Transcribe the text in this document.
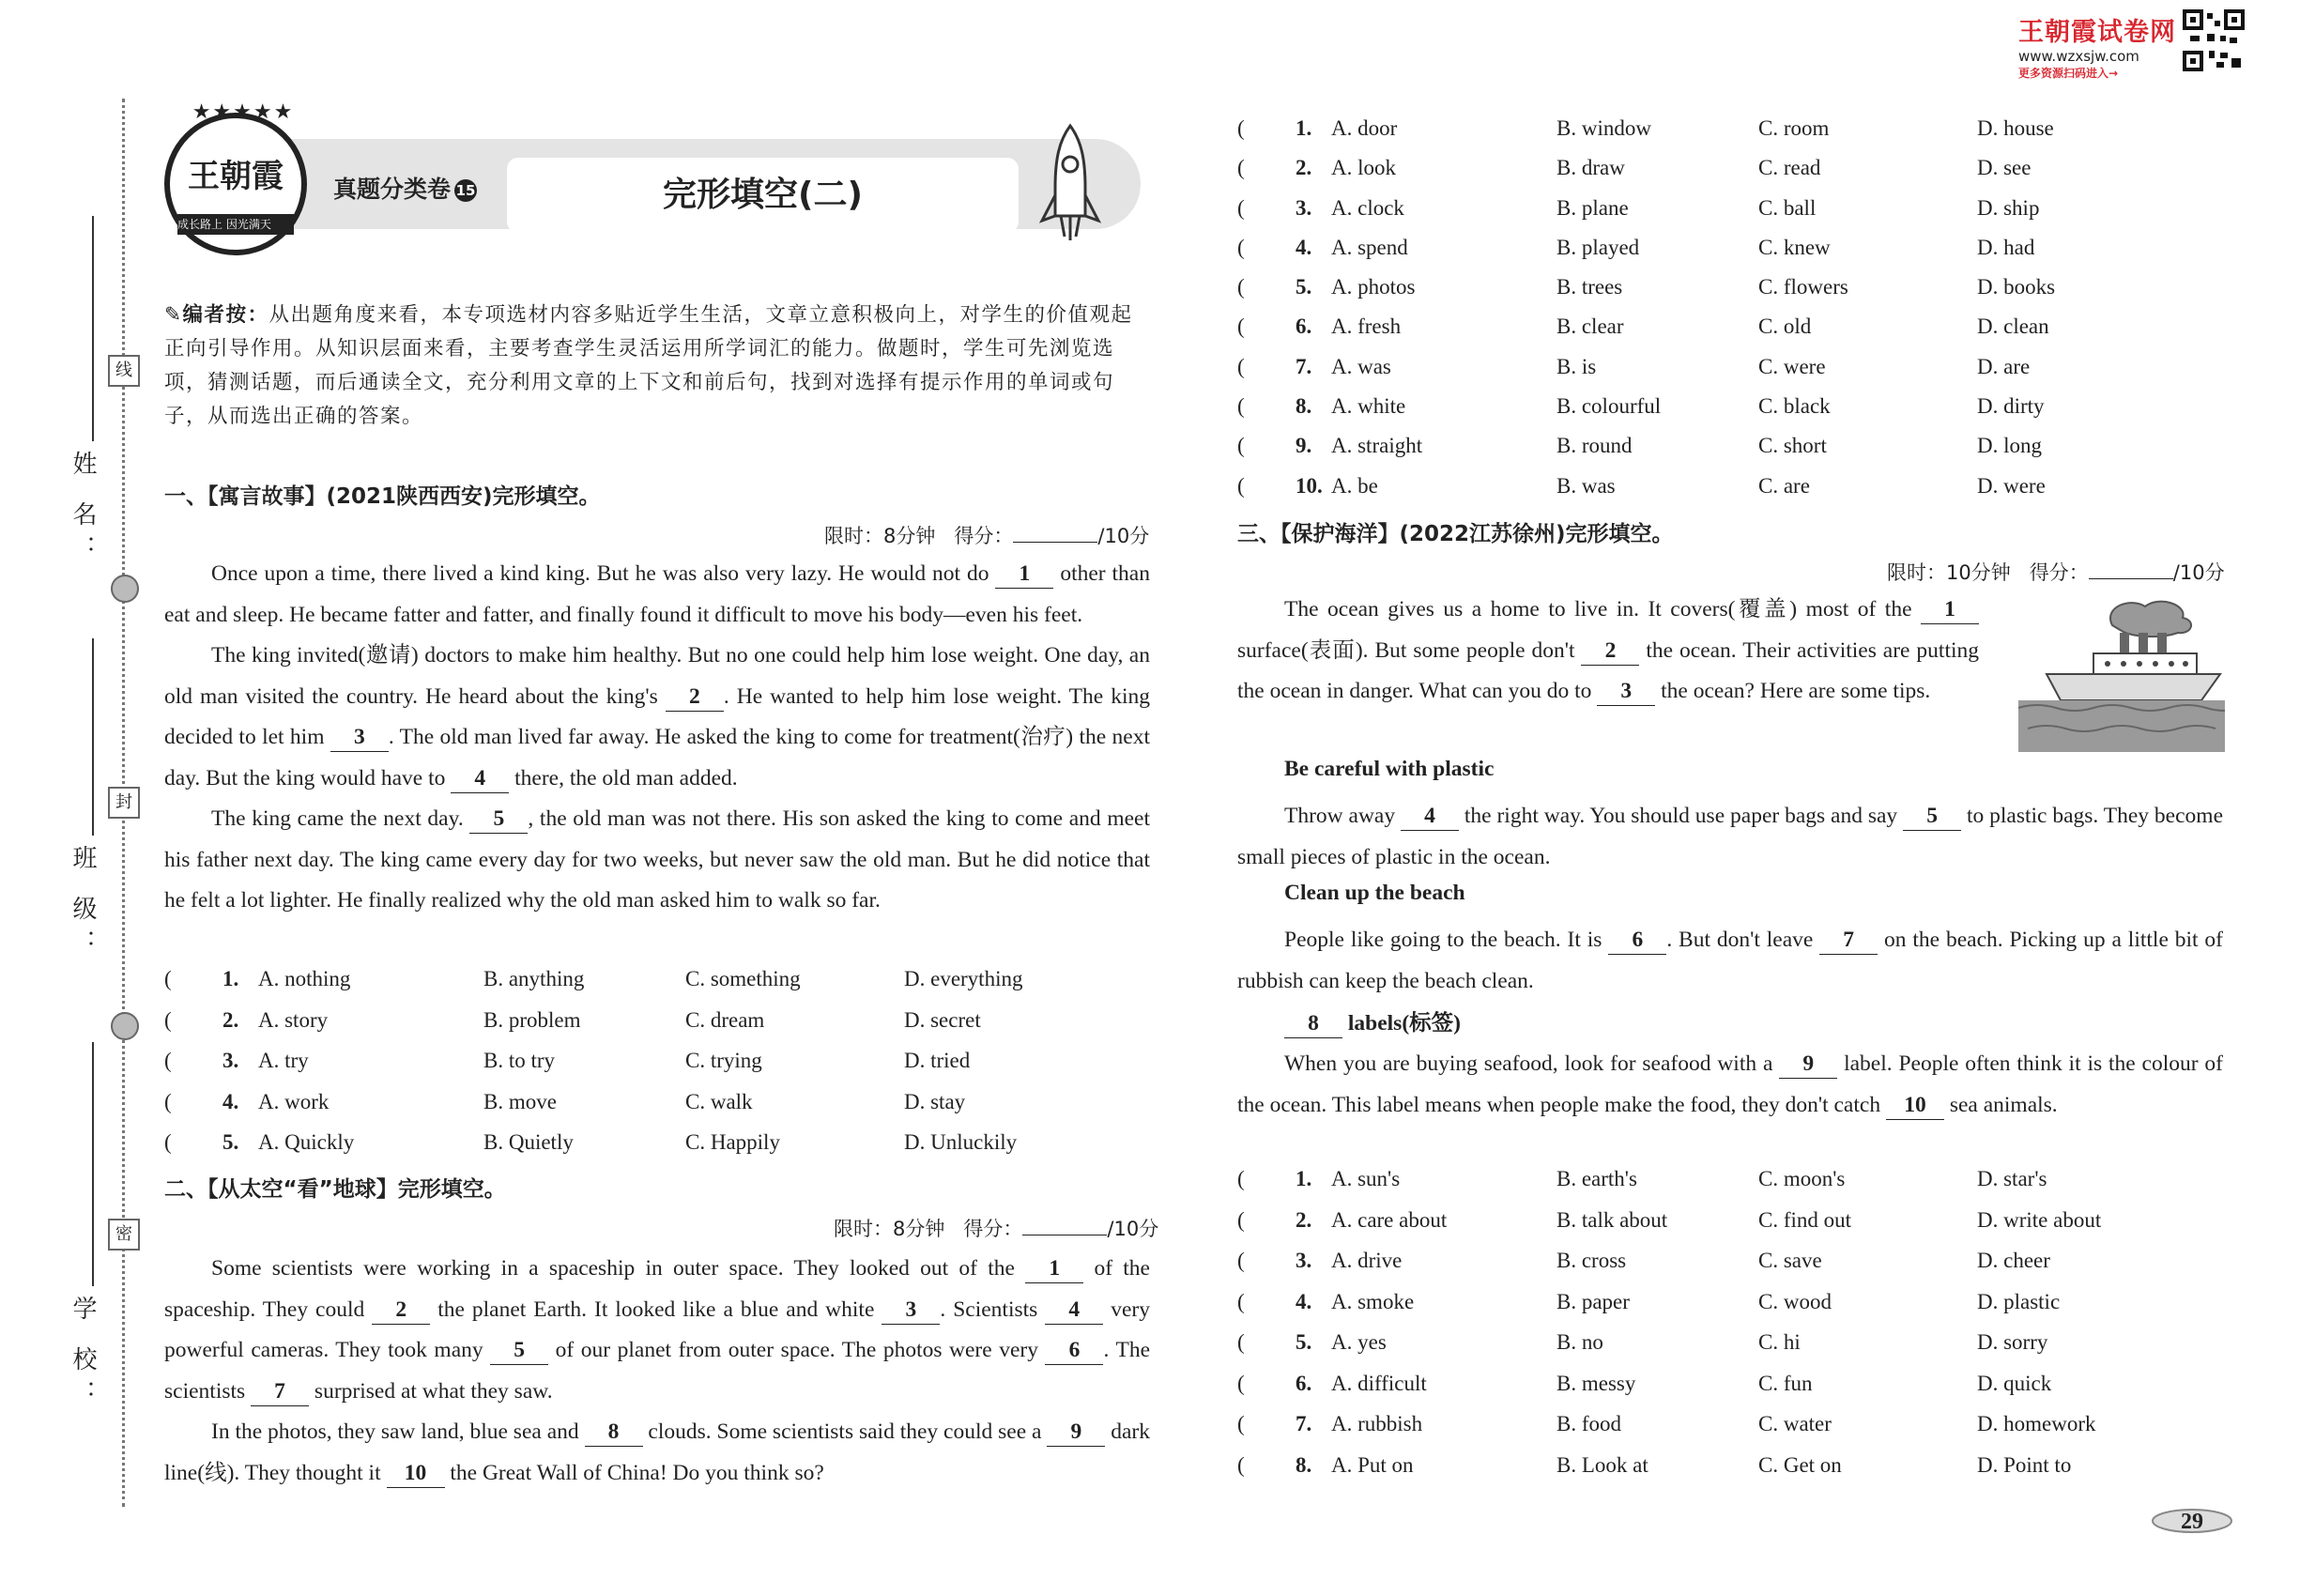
姓 名：
班 级：
学 校：
线
封
密
王朝霞试卷网
www.wzxsjw.com
更多资源扫码进入→
★★★★★
王朝霞
成长路上 因光满天
真题分类卷 15	完形填空(二)
✎编者按：从出题角度来看，本专项选材内容多贴近学生生活，文章立意积极向上，对学生的价值观起正向引导作用。从知识层面来看，主要考查学生灵活运用所学词汇的能力。做题时，学生可先浏览选项，猜测话题，而后通读全文，充分利用文章的上下文和前后句，找到对选择有提示作用的单词或句子，从而选出正确的答案。
一、【寓言故事】(2021陕西西安)完形填空。
限时：8分钟 得分：	/10分

Once upon a time, there lived a kind king. But he was also very lazy. He would not do 1 other than eat and sleep. He became fatter and fatter, and finally found it difficult to move his body—even his feet.

The king invited(邀请) doctors to make him healthy. But no one could help him lose weight. One day, an old man visited the country. He heard about the king's 2 . He wanted to help him lose weight. The king decided to let him 3 . The old man lived far away. He asked the king to come for treatment(治疗) the next day. But the king would have to 4 there, the old man added.

The king came the next day. 5 , the old man was not there. His son asked the king to come and meet his father next day. The king came every day for two weeks, but never saw the old man. But he did notice that he felt a lot lighter. He finally realized why the old man asked him to walk so far.

( 1. A. nothing	B. anything	C. something	D. everything
( 2. A. story	B. problem	C. dream	D. secret
( 3. A. try	B. to try	C. trying	D. tried
( 4. A. work	B. move	C. walk	D. stay
( 5. A. Quickly	B. Quietly	C. Happily	D. Unluckily
二、【从太空“看”地球】完形填空。
限时：8分钟 得分：	/10分

Some scientists were working in a spaceship in outer space. They looked out of the 1 of the spaceship. They could 2 the planet Earth. It looked like a blue and white 3 . Scientists 4 very powerful cameras. They took many 5 of our planet from outer space. The photos were very 6 . The scientists 7 surprised at what they saw.

In the photos, they saw land, blue sea and 8 clouds. Some scientists said they could see a 9 dark line(线). They thought it 10 the Great Wall of China! Do you think so?

( 1. A. door	B. window	C. room	D. house
( 2. A. look	B. draw	C. read	D. see
( 3. A. clock	B. plane	C. ball	D. ship
( 4. A. spend	B. played	C. knew	D. had
( 5. A. photos	B. trees	C. flowers	D. books
( 6. A. fresh	B. clear	C. old	D. clean
( 7. A. was	B. is	C. were	D. are
( 8. A. white	B. colourful	C. black	D. dirty
( 9. A. straight	B. round	C. short	D. long
( 10. A. be	B. was	C. are	D. were
三、【保护海洋】(2022江苏徐州)完形填空。
限时：10分钟 得分：	/10分

The ocean gives us a home to live in. It covers(覆盖) most of the 1 surface(表面). But some people don't 2 the ocean. Their activities are putting the ocean in danger. What can you do to 3 the ocean? Here are some tips.

Be careful with plastic

Throw away 4 the right way. You should use paper bags and say 5 to plastic bags. They become small pieces of plastic in the ocean.

Clean up the beach

People like going to the beach. It is 6 . But don't leave 7 on the beach. Picking up a little bit of rubbish can keep the beach clean.

8 labels(标签)

When you are buying seafood, look for seafood with a 9 label. People often think it is the colour of the ocean. This label means when people make the food, they don't catch 10 sea animals.

( 1. A. sun's	B. earth's	C. moon's	D. star's
( 2. A. care about	B. talk about	C. find out	D. write about
( 3. A. drive	B. cross	C. save	D. cheer
( 4. A. smoke	B. paper	C. wood	D. plastic
( 5. A. yes	B. no	C. hi	D. sorry
( 6. A. difficult	B. messy	C. fun	D. quick
( 7. A. rubbish	B. food	C. water	D. homework
( 8. A. Put on	B. Look at	C. Get on	D. Point to
29
